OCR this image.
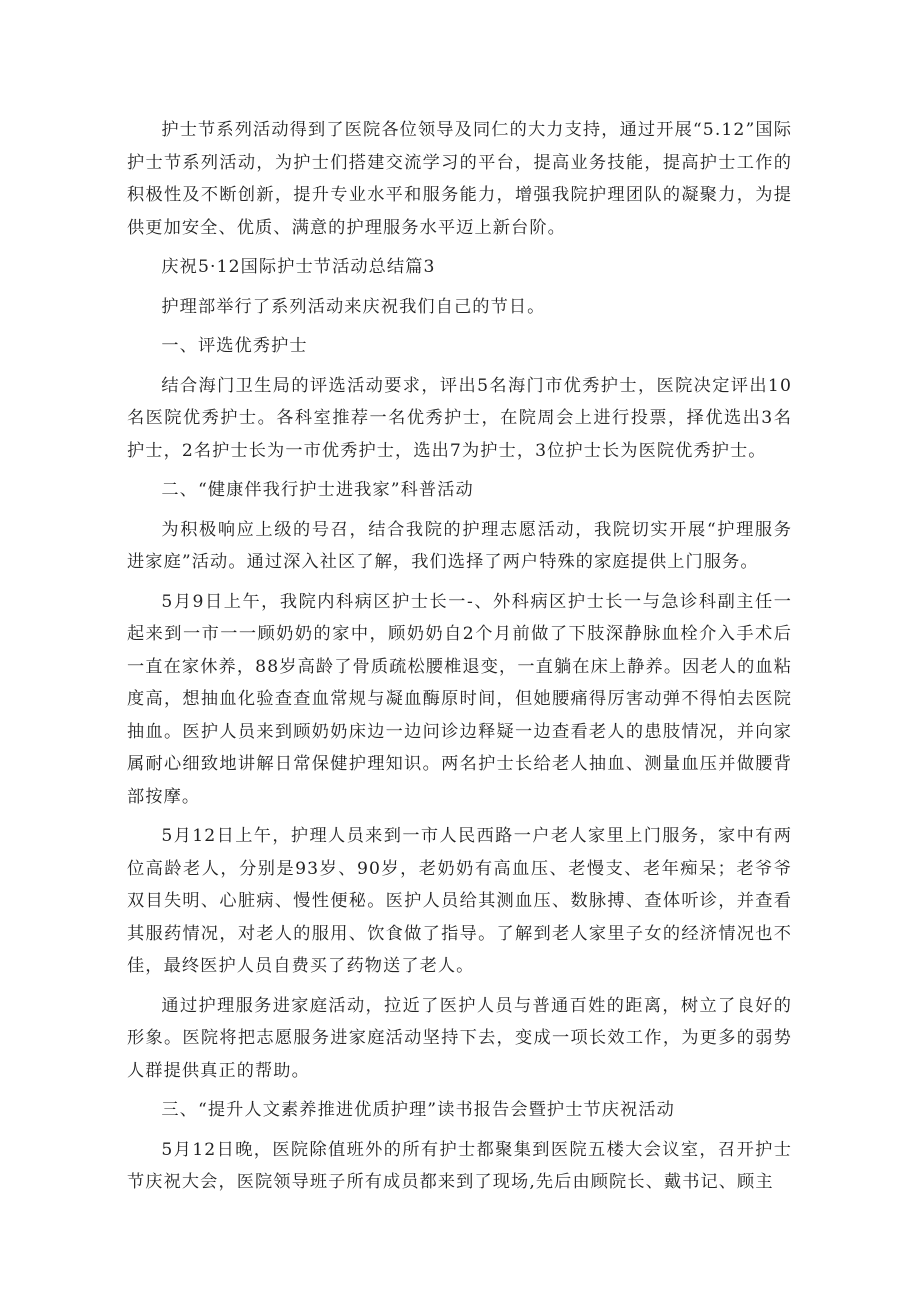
护士节系列活动得到了医院各位领导及同仁的大力支持，通过开展“5.12”国际护士节系列活动，为护士们搭建交流学习的平台，提高业务技能，提高护士工作的积极性及不断创新，提升专业水平和服务能力，增强我院护理团队的凝聚力，为提供更加安全、优质、满意的护理服务水平迈上新台阶。

庆祝5·12国际护士节活动总结篇3

护理部举行了系列活动来庆祝我们自己的节日。

一、评选优秀护士

结合海门卫生局的评选活动要求，评出5名海门市优秀护士，医院决定评出10名医院优秀护士。各科室推荐一名优秀护士，在院周会上进行投票，择优选出3名护士，2名护士长为一市优秀护士，选出7为护士，3位护士长为医院优秀护士。

二、“健康伴我行护士进我家”科普活动

为积极响应上级的号召，结合我院的护理志愿活动，我院切实开展“护理服务进家庭”活动。通过深入社区了解，我们选择了两户特殊的家庭提供上门服务。

5月9日上午，我院内科病区护士长一-、外科病区护士长一与急诊科副主任一起来到一市一一顾奶奶的家中，顾奶奶自2个月前做了下肢深静脉血栓介入手术后一直在家休养，88岁高龄了骨质疏松腰椎退变，一直躺在床上静养。因老人的血粘度高，想抽血化验查查血常规与凝血酶原时间，但她腰痛得厉害动弹不得怕去医院抽血。医护人员来到顾奶奶床边一边问诊边释疑一边查看老人的患肢情况，并向家属耐心细致地讲解日常保健护理知识。两名护士长给老人抽血、测量血压并做腰背部按摩。

5月12日上午，护理人员来到一市人民西路一户老人家里上门服务，家中有两位高龄老人，分别是93岁、90岁，老奶奶有高血压、老慢支、老年痴呆；老爷爷双目失明、心脏病、慢性便秘。医护人员给其测血压、数脉搏、查体听诊，并查看其服药情况，对老人的服用、饮食做了指导。了解到老人家里子女的经济情况也不佳，最终医护人员自费买了药物送了老人。

通过护理服务进家庭活动，拉近了医护人员与普通百姓的距离，树立了良好的形象。医院将把志愿服务进家庭活动坚持下去，变成一项长效工作，为更多的弱势人群提供真正的帮助。

三、“提升人文素养推进优质护理”读书报告会暨护士节庆祝活动

5月12日晚，医院除值班外的所有护士都聚集到医院五楼大会议室，召开护士节庆祝大会，医院领导班子所有成员都来到了现场,先后由顾院长、戴书记、顾主
